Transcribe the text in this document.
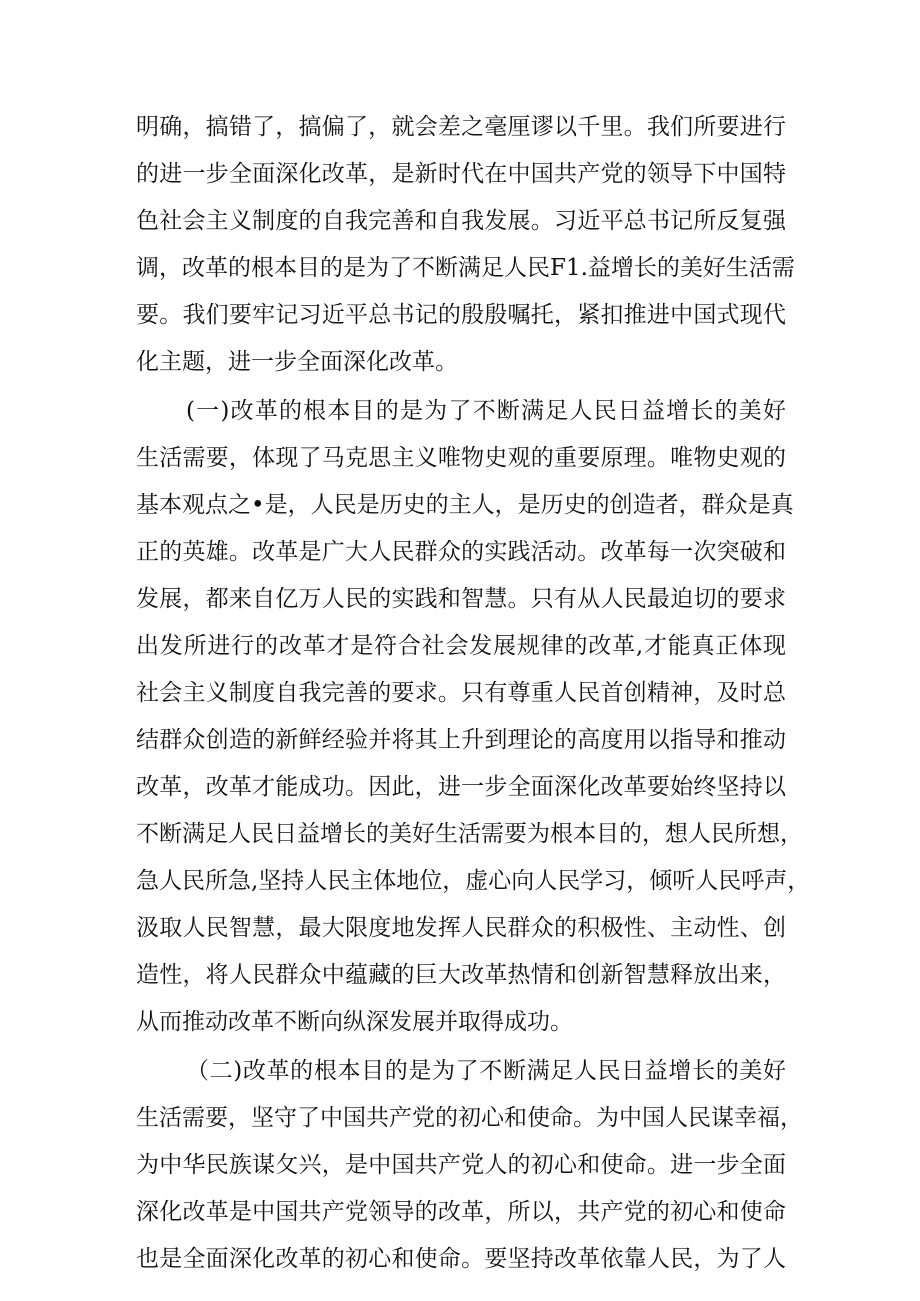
明确，搞错了，搞偏了，就会差之毫厘谬以千里。我们所要进行
的进一步全面深化改革，是新时代在中国共产党的领导下中国特
色社会主义制度的自我完善和自我发展。习近平总书记所反复强
调，改革的根本目的是为了不断满足人民F1.益增长的美好生活需
要。我们要牢记习近平总书记的殷殷嘱托，紧扣推进中国式现代
化主题，进一步全面深化改革。
(一)改革的根本目的是为了不断满足人民日益增长的美好
生活需要，体现了马克思主义唯物史观的重要原理。唯物史观的
基本观点之•是，人民是历史的主人，是历史的创造者，群众是真
正的英雄。改革是广大人民群众的实践活动。改革每一次突破和
发展，都来自亿万人民的实践和智慧。只有从人民最迫切的要求
出发所进行的改革才是符合社会发展规律的改革,才能真正体现
社会主义制度自我完善的要求。只有尊重人民首创精神，及时总
结群众创造的新鲜经验并将其上升到理论的高度用以指导和推动
改革，改革才能成功。因此，进一步全面深化改革要始终坚持以
不断满足人民日益增长的美好生活需要为根本目的，想人民所想，
急人民所急,坚持人民主体地位，虚心向人民学习，倾听人民呼声，
汲取人民智慧，最大限度地发挥人民群众的积极性、主动性、创
造性，将人民群众中蕴藏的巨大改革热情和创新智慧释放出来，
从而推动改革不断向纵深发展并取得成功。
（二)改革的根本目的是为了不断满足人民日益增长的美好
生活需要，坚守了中国共产党的初心和使命。为中国人民谋幸福，
为中华民族谋攵兴，是中国共产党人的初心和使命。进一步全面
深化改革是中国共产党领导的改革，所以，共产党的初心和使命
也是全面深化改革的初心和使命。要坚持改革依靠人民，为了人
